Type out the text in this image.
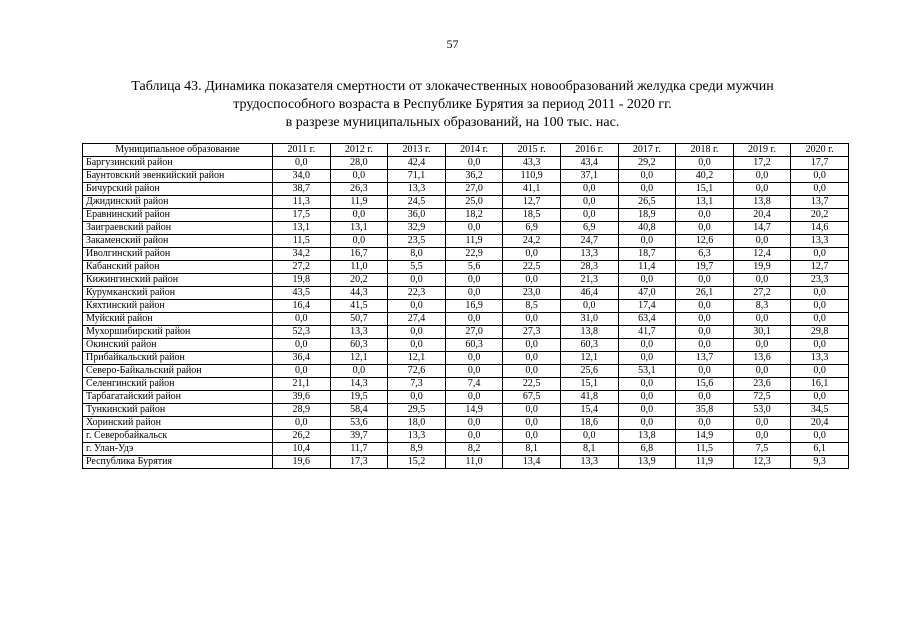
57
Таблица 43. Динамика показателя смертности от злокачественных новообразований желудка среди мужчин
трудоспособного возраста в Республике Бурятия за период 2011 - 2020 гг.
в разрезе муниципальных образований, на 100 тыс. нас.
Муниципальное образование	2011 г.	2012 г.	2013 г.	2014 г.	2015 г.	2016 г.	2017 г.	2018 г.	2019 г.	2020 г.
Баргузинский район	0,0	28,0	42,4	0,0	43,3	43,4	29,2	0,0	17,2	17,7
Баунтовский эвенкийский район	34,0	0,0	71,1	36,2	110,9	37,1	0,0	40,2	0,0	0,0
Бичурский район	38,7	26,3	13,3	27,0	41,1	0,0	0,0	15,1	0,0	0,0
Джидинский район	11,3	11,9	24,5	25,0	12,7	0,0	26,5	13,1	13,8	13,7
Еравнинский район	17,5	0,0	36,0	18,2	18,5	0,0	18,9	0,0	20,4	20,2
Заиграевский район	13,1	13,1	32,9	0,0	6,9	6,9	40,8	0,0	14,7	14,6
Закаменский район	11,5	0,0	23,5	11,9	24,2	24,7	0,0	12,6	0,0	13,3
Иволгинский район	34,2	16,7	8,0	22,9	0,0	13,3	18,7	6,3	12,4	0,0
Кабанский район	27,2	11,0	5,5	5,6	22,5	28,3	11,4	19,7	19,9	12,7
Кижингинский район	19,8	20,2	0,0	0,0	0,0	21,3	0,0	0,0	0,0	23,3
Курумканский район	43,5	44,3	22,3	0,0	23,0	46,4	47,0	26,1	27,2	0,0
Кяхтинский район	16,4	41,5	0,0	16,9	8,5	0,0	17,4	0,0	8,3	0,0
Муйский район	0,0	50,7	27,4	0,0	0,0	31,0	63,4	0,0	0,0	0,0
Мухоршибирский район	52,3	13,3	0,0	27,0	27,3	13,8	41,7	0,0	30,1	29,8
Окинский район	0,0	60,3	0,0	60,3	0,0	60,3	0,0	0,0	0,0	0,0
Прибайкальский район	36,4	12,1	12,1	0,0	0,0	12,1	0,0	13,7	13,6	13,3
Северо-Байкальский район	0,0	0,0	72,6	0,0	0,0	25,6	53,1	0,0	0,0	0,0
Селенгинский район	21,1	14,3	7,3	7,4	22,5	15,1	0,0	15,6	23,6	16,1
Тарбагатайский район	39,6	19,5	0,0	0,0	67,5	41,8	0,0	0,0	72,5	0,0
Тункинский район	28,9	58,4	29,5	14,9	0,0	15,4	0,0	35,8	53,0	34,5
Хоринский район	0,0	53,6	18,0	0,0	0,0	18,6	0,0	0,0	0,0	20,4
г. Северобайкальск	26,2	39,7	13,3	0,0	0,0	0,0	13,8	14,9	0,0	0,0
г. Улан-Удэ	10,4	11,7	8,9	8,2	8,1	8,1	6,8	11,5	7,5	6,1
Республика Бурятия	19,6	17,3	15,2	11,0	13,4	13,3	13,9	11,9	12,3	9,3
